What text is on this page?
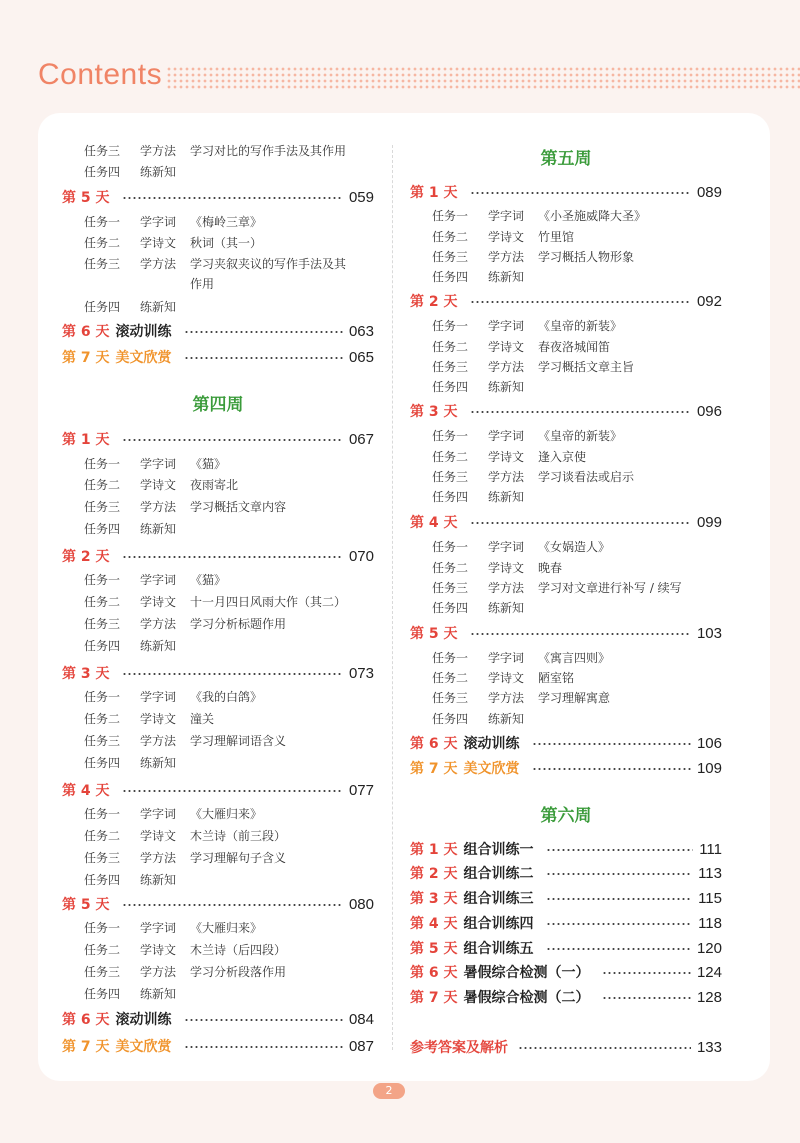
Contents
任务三	学方法	学习对比的写作手法及其作用
任务四	练新知
第 5 天	059
任务一	学字词	《梅岭三章》
任务二	学诗文	秋词（其一）
任务三	学方法	学习夹叙夹议的写作手法及其
作用
任务四	练新知
第 6 天 滚动训练	063
第 7 天 美文欣赏	065
第四周
第 1 天	067
任务一	学字词	《猫》
任务二	学诗文	夜雨寄北
任务三	学方法	学习概括文章内容
任务四	练新知
第 2 天	070
任务一	学字词	《猫》
任务二	学诗文	十一月四日风雨大作（其二）
任务三	学方法	学习分析标题作用
任务四	练新知
第 3 天	073
任务一	学字词	《我的白鸽》
任务二	学诗文	潼关
任务三	学方法	学习理解词语含义
任务四	练新知
第 4 天	077
任务一	学字词	《大雁归来》
任务二	学诗文	木兰诗（前三段）
任务三	学方法	学习理解句子含义
任务四	练新知
第 5 天	080
任务一	学字词	《大雁归来》
任务二	学诗文	木兰诗（后四段）
任务三	学方法	学习分析段落作用
任务四	练新知
第 6 天 滚动训练	084
第 7 天 美文欣赏	087
第五周
第 1 天	089
任务一	学字词	《小圣施威降大圣》
任务二	学诗文	竹里馆
任务三	学方法	学习概括人物形象
任务四	练新知
第 2 天	092
任务一	学字词	《皇帝的新装》
任务二	学诗文	春夜洛城闻笛
任务三	学方法	学习概括文章主旨
任务四	练新知
第 3 天	096
任务一	学字词	《皇帝的新装》
任务二	学诗文	逢入京使
任务三	学方法	学习谈看法或启示
任务四	练新知
第 4 天	099
任务一	学字词	《女娲造人》
任务二	学诗文	晚春
任务三	学方法	学习对文章进行补写 / 续写
任务四	练新知
第 5 天	103
任务一	学字词	《寓言四则》
任务二	学诗文	陋室铭
任务三	学方法	学习理解寓意
任务四	练新知
第 6 天 滚动训练	106
第 7 天 美文欣赏	109
第六周
第 1 天 组合训练一	111
第 2 天 组合训练二	113
第 3 天 组合训练三	115
第 4 天 组合训练四	118
第 5 天 组合训练五	120
第 6 天 暑假综合检测（一）	124
第 7 天 暑假综合检测（二）	128
参考答案及解析	133
2
